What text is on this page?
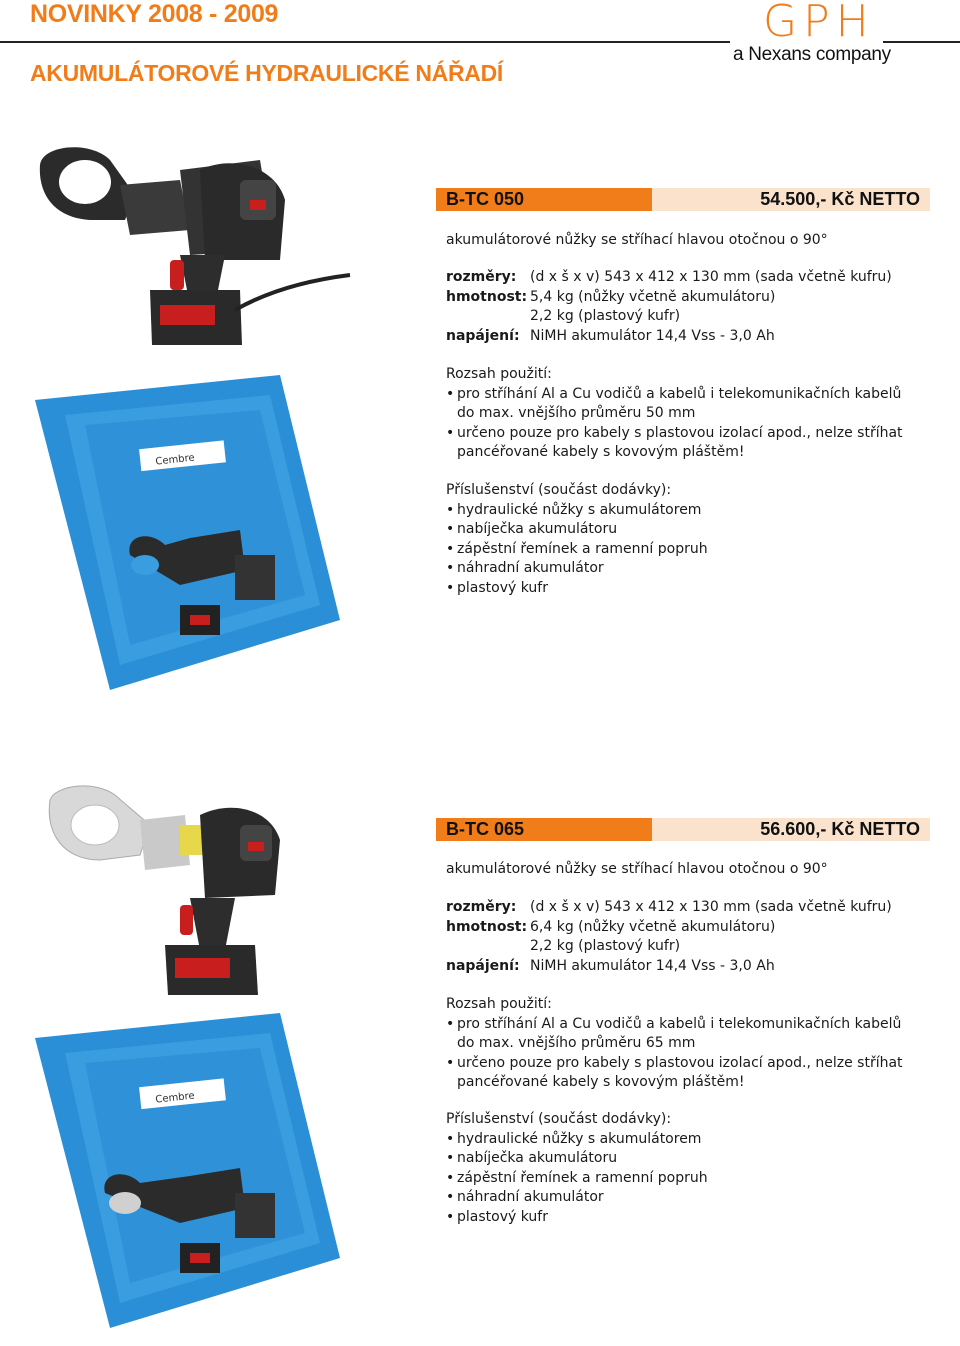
NOVINKY 2008 - 2009
AKUMULÁTOROVÉ HYDRAULICKÉ NÁŘADÍ
GPH
a Nexans company
Cembre
B-TC 050	54.500,- Kč NETTO
akumulátorové nůžky se stříhací hlavou otočnou o 90°
rozměry: (d x š x v) 543 x 412 x 130 mm (sada včetně kufru)
hmotnost: 5,4 kg (nůžky včetně akumulátoru)
2,2 kg (plastový kufr)
napájení: NiMH akumulátor 14,4 Vss - 3,0 Ah
Rozsah použití:
• pro stříhání Al a Cu vodičů a kabelů i telekomunikačních kabelů
do max. vnějšího průměru 50 mm
• určeno pouze pro kabely s plastovou izolací apod., nelze stříhat
pancéřované kabely s kovovým pláštěm!
Příslušenství (součást dodávky):
• hydraulické nůžky s akumulátorem
• nabíječka akumulátoru
• zápěstní řemínek a ramenní popruh
• náhradní akumulátor
• plastový kufr
Cembre
B-TC 065	56.600,- Kč NETTO
akumulátorové nůžky se stříhací hlavou otočnou o 90°
rozměry: (d x š x v) 543 x 412 x 130 mm (sada včetně kufru)
hmotnost: 6,4 kg (nůžky včetně akumulátoru)
2,2 kg (plastový kufr)
napájení: NiMH akumulátor 14,4 Vss - 3,0 Ah
Rozsah použití:
• pro stříhání Al a Cu vodičů a kabelů i telekomunikačních kabelů
do max. vnějšího průměru 65 mm
• určeno pouze pro kabely s plastovou izolací apod., nelze stříhat
pancéřované kabely s kovovým pláštěm!
Příslušenství (součást dodávky):
• hydraulické nůžky s akumulátorem
• nabíječka akumulátoru
• zápěstní řemínek a ramenní popruh
• náhradní akumulátor
• plastový kufr
